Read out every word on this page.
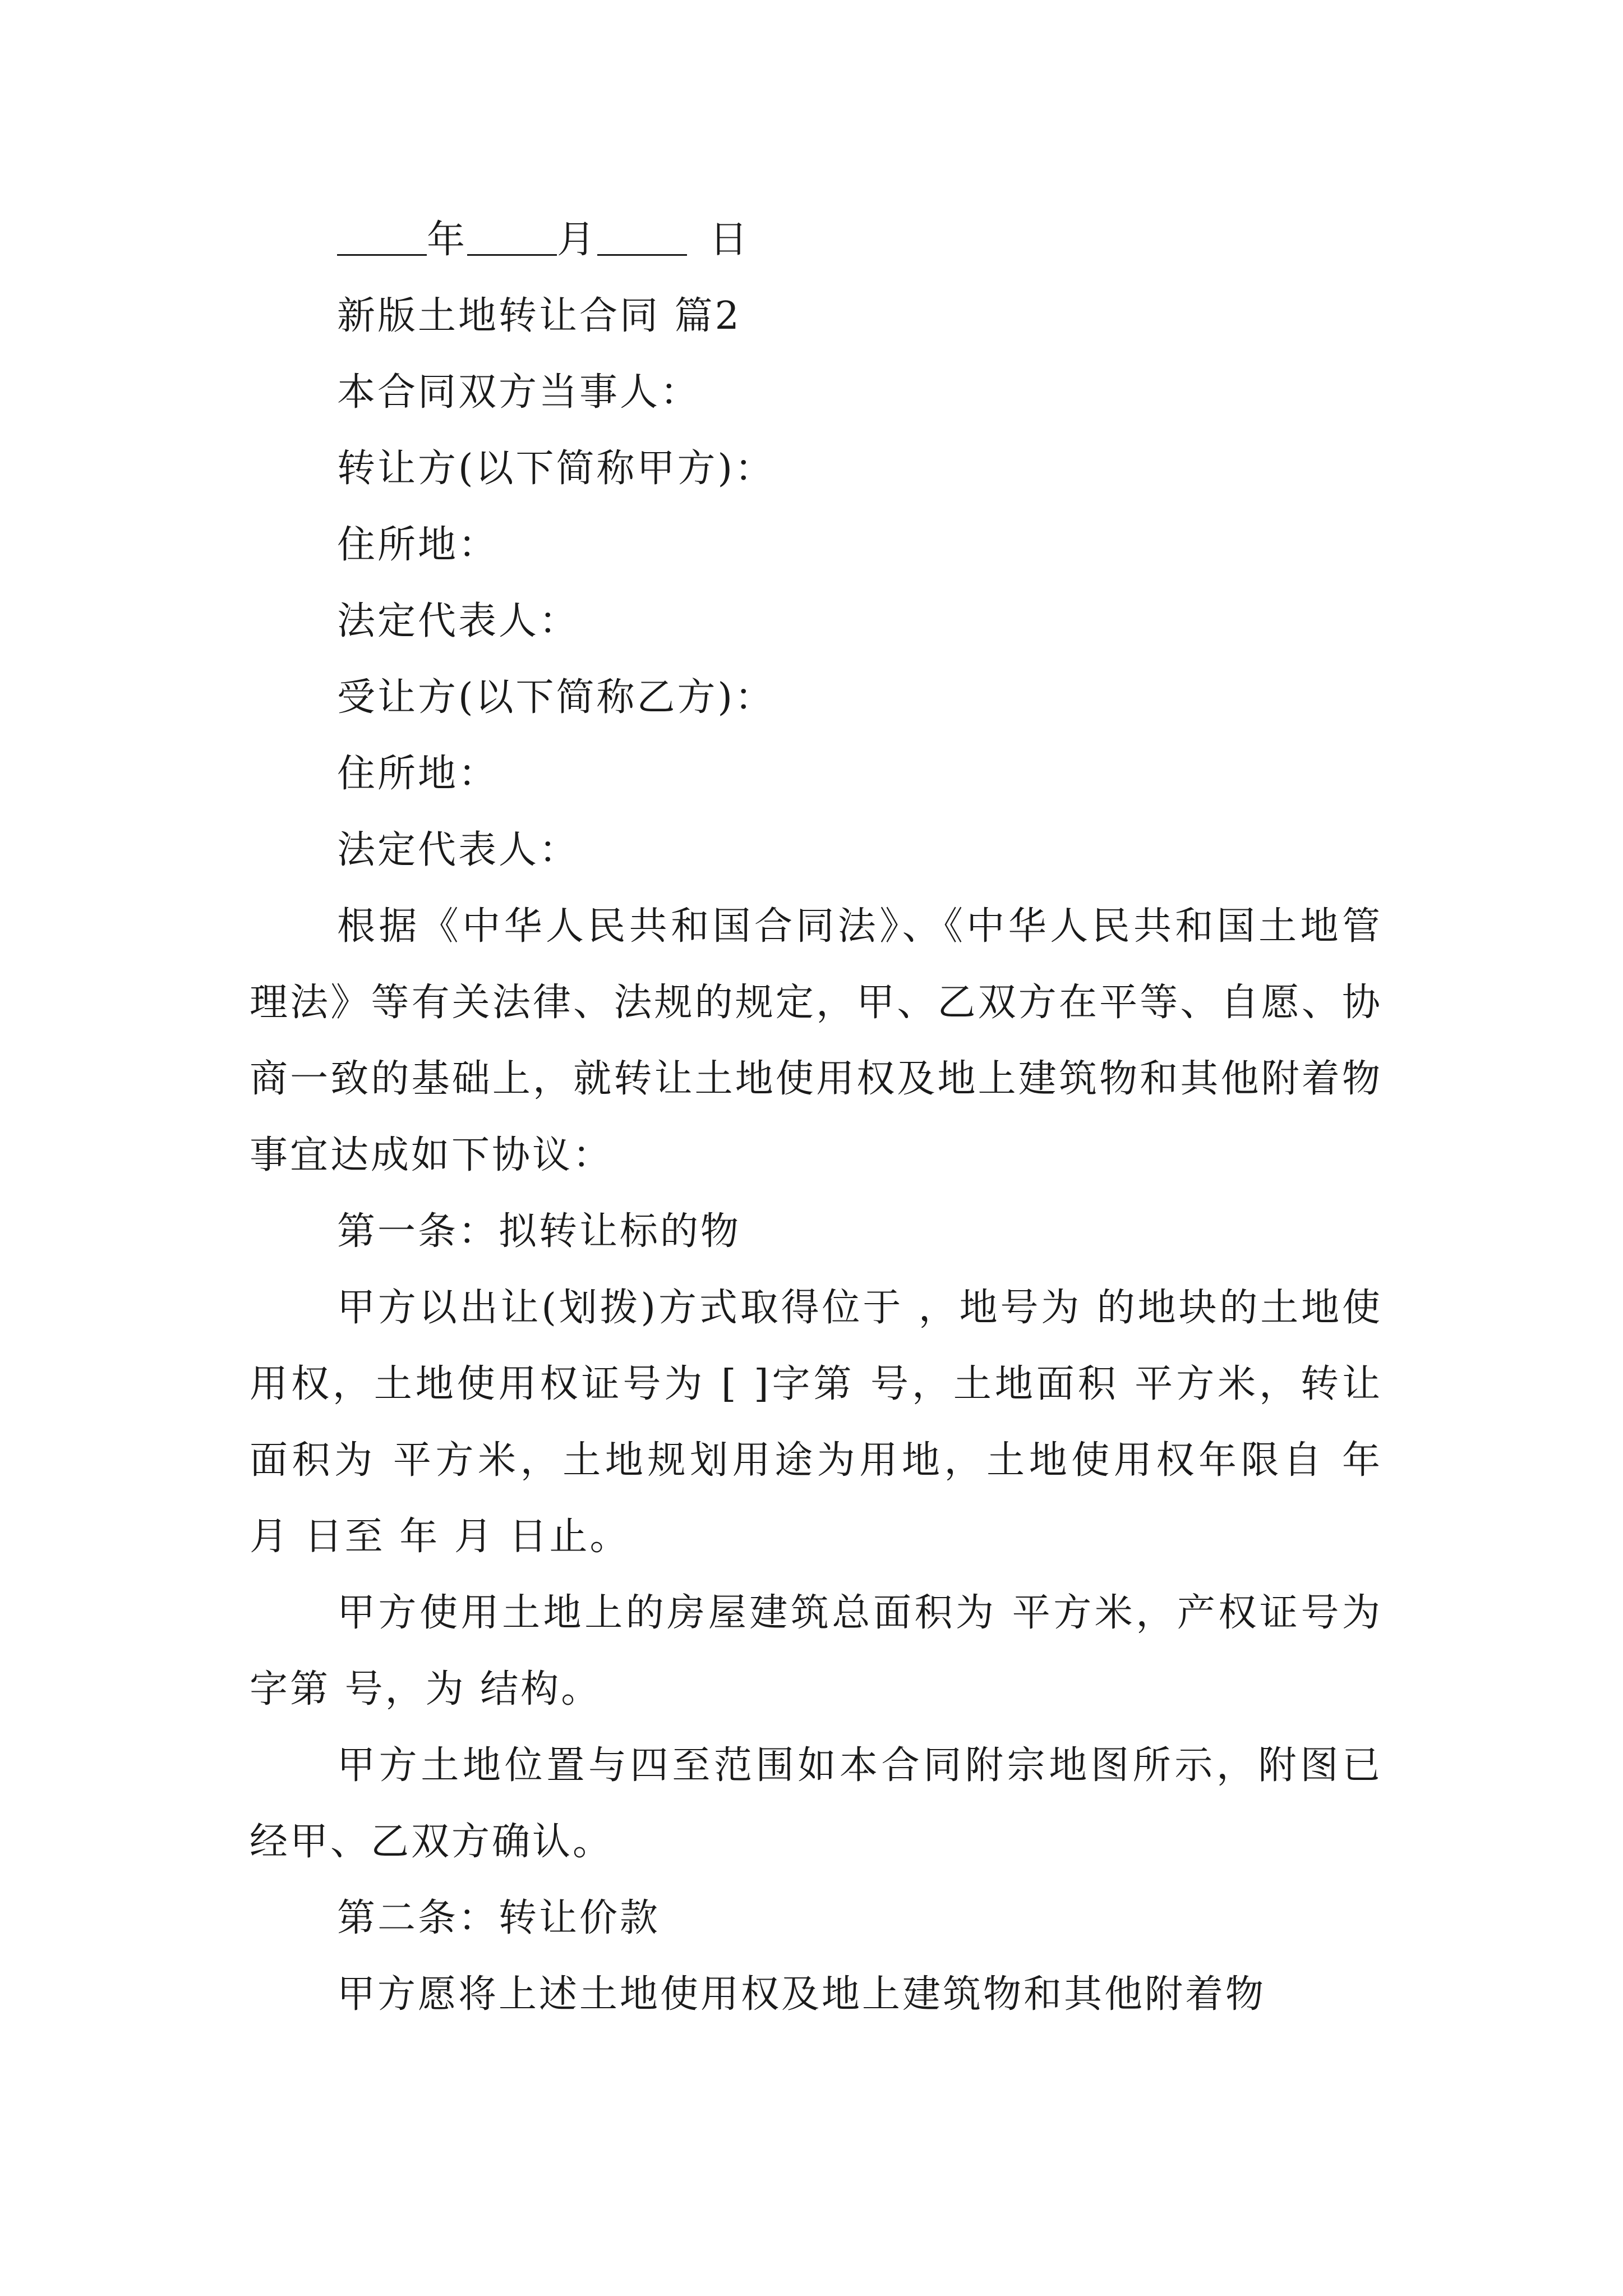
年 月	日

新版土地转让合同 篇2

本合同双方当事人：

转让方(以下简称甲方)：

住所地：

法定代表人：

受让方(以下简称乙方)：

住所地：

法定代表人：

根据《中华人民共和国合同法》、《中华人民共和国土地管理法》等有关法律、法规的规定，甲、乙双方在平等、自愿、协商一致的基础上，就转让土地使用权及地上建筑物和其他附着物事宜达成如下协议：

第一条：拟转让标的物

甲方以出让(划拨)方式取得位于 ，地号为 的地块的土地使用权，土地使用权证号为 [ ]字第 号，土地面积 平方米，转让面积为 平方米，土地规划用途为用地，土地使用权年限自 年 月 日至 年 月 日止。

甲方使用土地上的房屋建筑总面积为 平方米，产权证号为 字第 号，为 结构。

甲方土地位置与四至范围如本合同附宗地图所示，附图已经甲、乙双方确认。

第二条：转让价款

甲方愿将上述土地使用权及地上建筑物和其他附着物
